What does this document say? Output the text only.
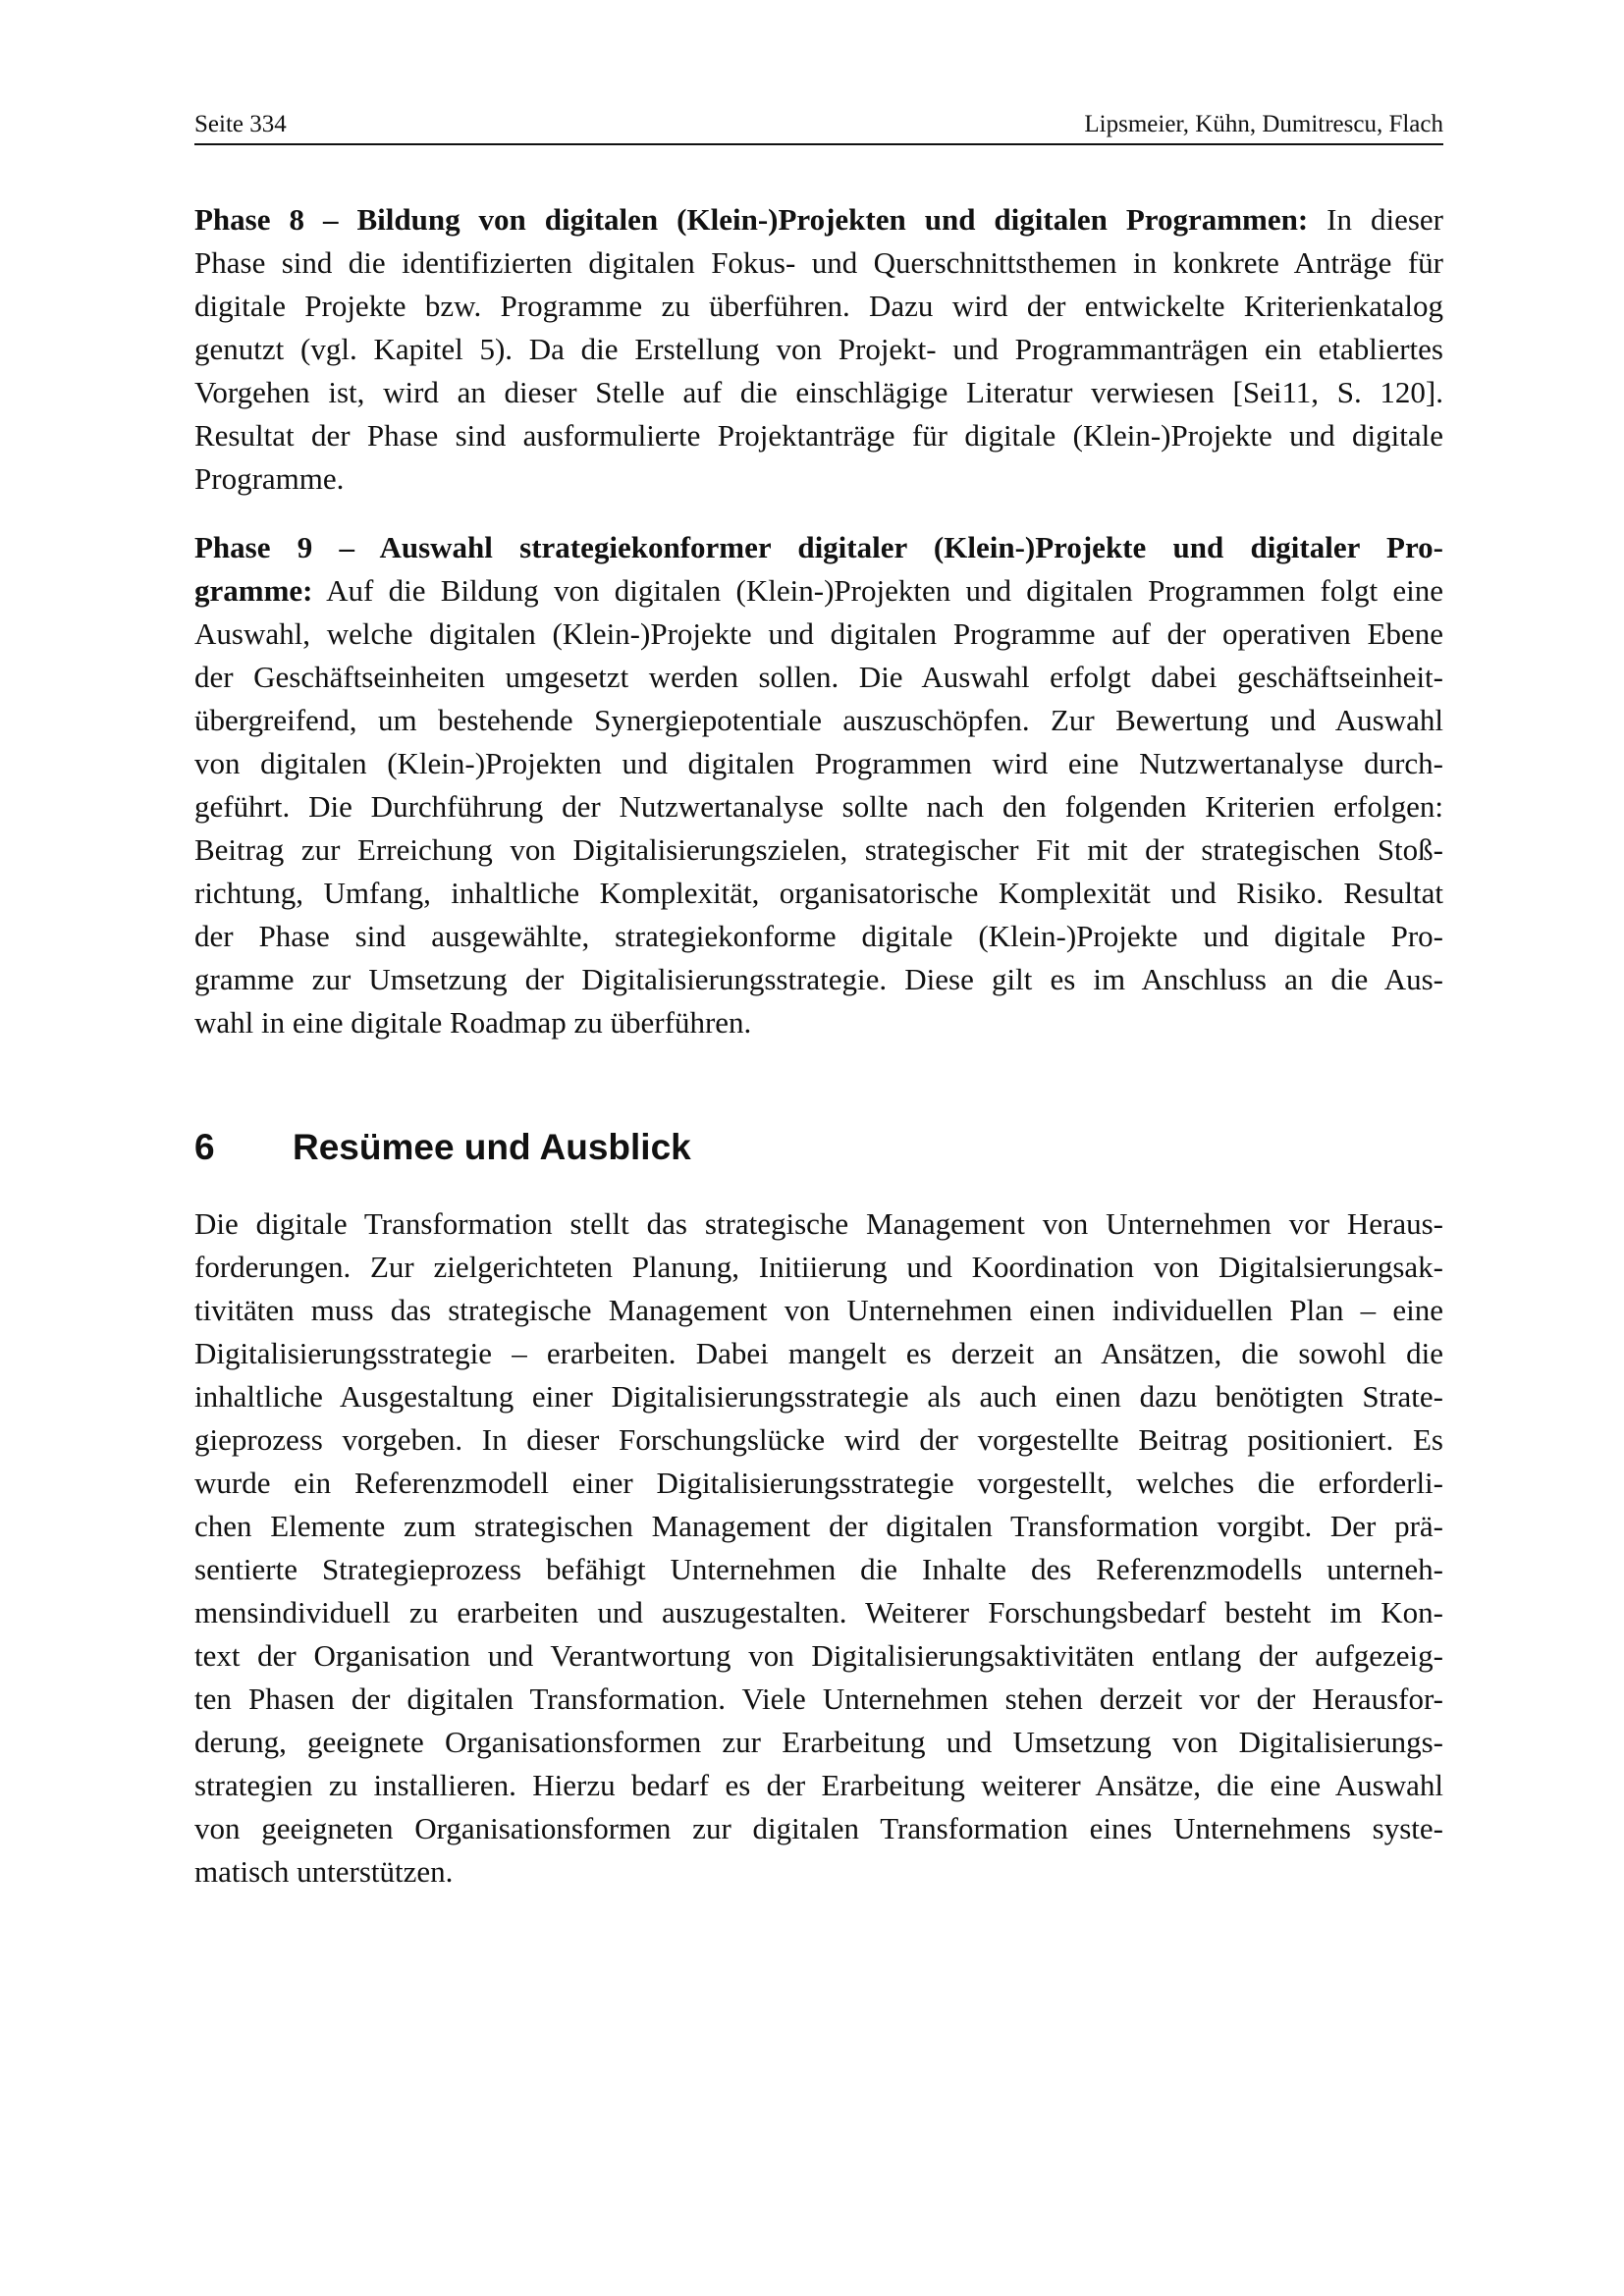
Seite 334	Lipsmeier, Kühn, Dumitrescu, Flach
Phase 8 – Bildung von digitalen (Klein-)Projekten und digitalen Programmen: In dieser
Phase sind die identifizierten digitalen Fokus- und Querschnittsthemen in konkrete Anträge für
digitale Projekte bzw. Programme zu überführen. Dazu wird der entwickelte Kriterienkatalog
genutzt (vgl. Kapitel 5). Da die Erstellung von Projekt- und Programmanträgen ein etabliertes
Vorgehen ist, wird an dieser Stelle auf die einschlägige Literatur verwiesen [Sei11, S. 120].
Resultat der Phase sind ausformulierte Projektanträge für digitale (Klein-)Projekte und digitale
Programme.
Phase 9 – Auswahl strategiekonformer digitaler (Klein-)Projekte und digitaler Pro-
gramme: Auf die Bildung von digitalen (Klein-)Projekten und digitalen Programmen folgt eine
Auswahl, welche digitalen (Klein-)Projekte und digitalen Programme auf der operativen Ebene
der Geschäftseinheiten umgesetzt werden sollen. Die Auswahl erfolgt dabei geschäftseinheit-
übergreifend, um bestehende Synergiepotentiale auszuschöpfen. Zur Bewertung und Auswahl
von digitalen (Klein-)Projekten und digitalen Programmen wird eine Nutzwertanalyse durch-
geführt. Die Durchführung der Nutzwertanalyse sollte nach den folgenden Kriterien erfolgen:
Beitrag zur Erreichung von Digitalisierungszielen, strategischer Fit mit der strategischen Stoß-
richtung, Umfang, inhaltliche Komplexität, organisatorische Komplexität und Risiko. Resultat
der Phase sind ausgewählte, strategiekonforme digitale (Klein-)Projekte und digitale Pro-
gramme zur Umsetzung der Digitalisierungsstrategie. Diese gilt es im Anschluss an die Aus-
wahl in eine digitale Roadmap zu überführen.
6 Resümee und Ausblick
Die digitale Transformation stellt das strategische Management von Unternehmen vor Heraus-
forderungen. Zur zielgerichteten Planung, Initiierung und Koordination von Digitalsierungsak-
tivitäten muss das strategische Management von Unternehmen einen individuellen Plan – eine
Digitalisierungsstrategie – erarbeiten. Dabei mangelt es derzeit an Ansätzen, die sowohl die
inhaltliche Ausgestaltung einer Digitalisierungsstrategie als auch einen dazu benötigten Strate-
gieprozess vorgeben. In dieser Forschungslücke wird der vorgestellte Beitrag positioniert. Es
wurde ein Referenzmodell einer Digitalisierungsstrategie vorgestellt, welches die erforderli-
chen Elemente zum strategischen Management der digitalen Transformation vorgibt. Der prä-
sentierte Strategieprozess befähigt Unternehmen die Inhalte des Referenzmodells unterneh-
mensindividuell zu erarbeiten und auszugestalten. Weiterer Forschungsbedarf besteht im Kon-
text der Organisation und Verantwortung von Digitalisierungsaktivitäten entlang der aufgezeig-
ten Phasen der digitalen Transformation. Viele Unternehmen stehen derzeit vor der Herausfor-
derung, geeignete Organisationsformen zur Erarbeitung und Umsetzung von Digitalisierungs-
strategien zu installieren. Hierzu bedarf es der Erarbeitung weiterer Ansätze, die eine Auswahl
von geeigneten Organisationsformen zur digitalen Transformation eines Unternehmens syste-
matisch unterstützen.
